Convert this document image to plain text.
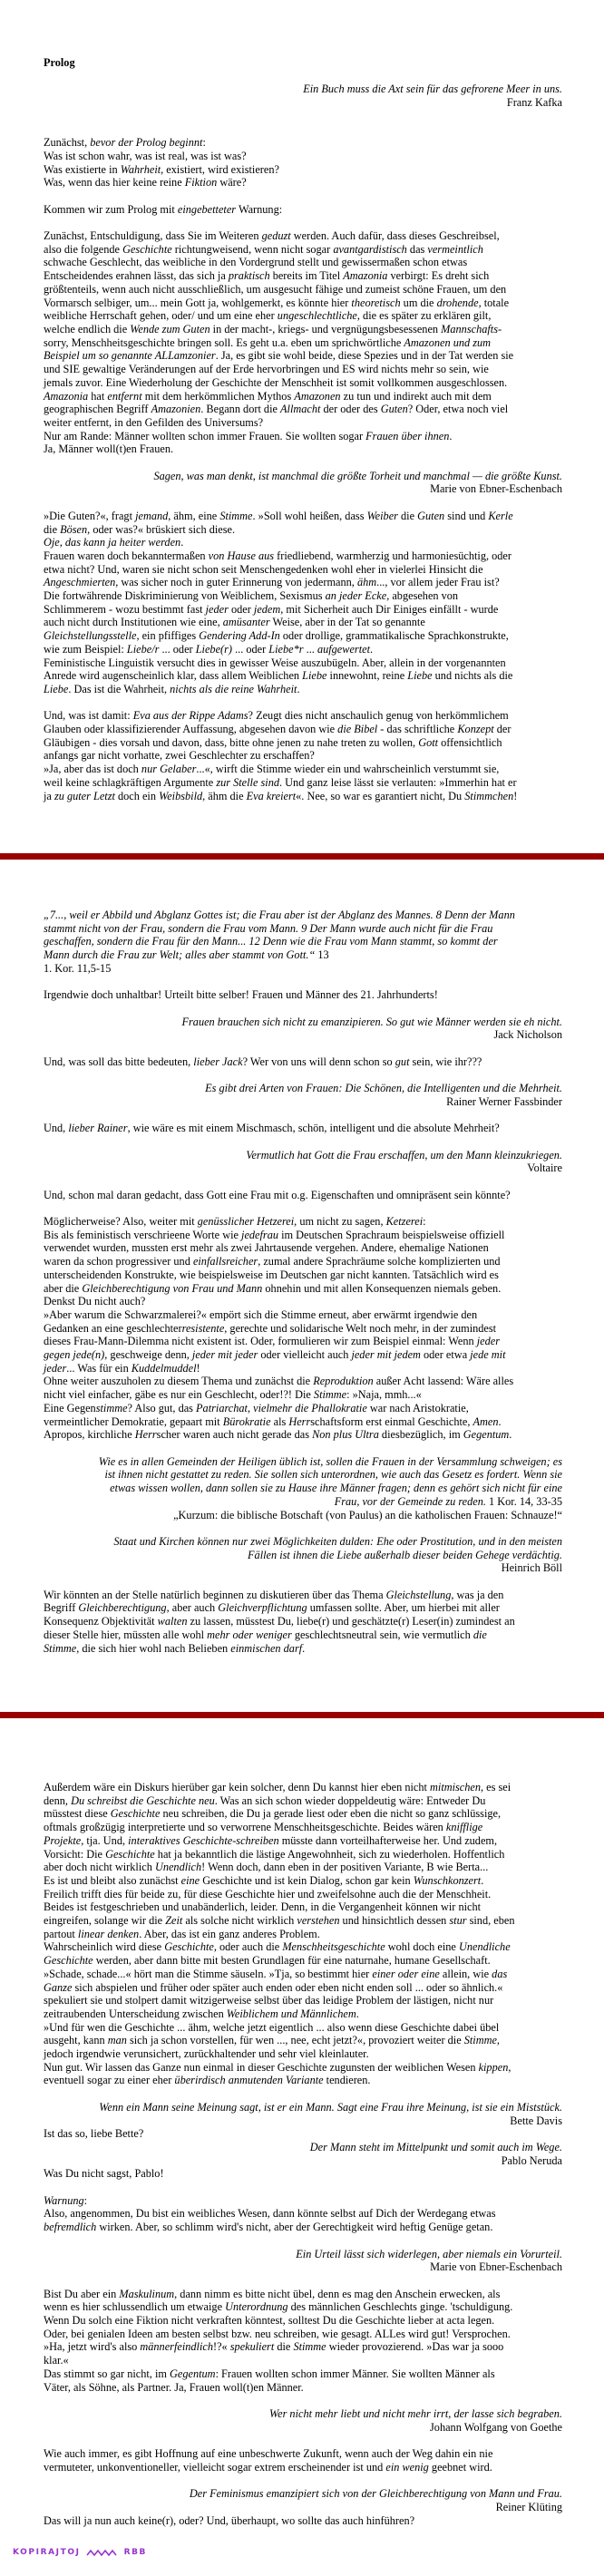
Prolog
Ein Buch muss die Axt sein für das gefrorene Meer in uns.
Franz Kafka
Zunächst, bevor der Prolog beginnt:
Was ist schon wahr, was ist real, was ist was?
Was existierte in Wahrheit, existiert, wird existieren?
Was, wenn das hier keine reine Fiktion wäre?
Kommen wir zum Prolog mit eingebetteter Warnung:
Zunächst, Entschuldigung, dass Sie im Weiteren geduzt werden. Auch dafür, dass dieses Geschreibsel,
also die folgende Geschichte richtungweisend, wenn nicht sogar avantgardistisch das vermeintlich
schwache Geschlecht, das weibliche in den Vordergrund stellt und gewissermaßen schon etwas
Entscheidendes erahnen lässt, das sich ja praktisch bereits im Titel Amazonia verbirgt: Es dreht sich
größtenteils, wenn auch nicht ausschließlich, um ausgesucht fähige und zumeist schöne Frauen, um den
Vormarsch selbiger, um... mein Gott ja, wohlgemerkt, es könnte hier theoretisch um die drohende, totale
weibliche Herrschaft gehen, oder/ und um eine eher ungeschlechtliche, die es später zu erklären gilt,
welche endlich die Wende zum Guten in der macht-, kriegs- und vergnügungsbesessenen Mannschafts-
sorry, Menschheitsgeschichte bringen soll. Es geht u.a. eben um sprichwörtliche Amazonen und zum
Beispiel um so genannte ALLamzonier. Ja, es gibt sie wohl beide, diese Spezies und in der Tat werden sie
und SIE gewaltige Veränderungen auf der Erde hervorbringen und ES wird nichts mehr so sein, wie
jemals zuvor. Eine Wiederholung der Geschichte der Menschheit ist somit vollkommen ausgeschlossen.
Amazonia hat entfernt mit dem herkömmlichen Mythos Amazonen zu tun und indirekt auch mit dem
geographischen Begriff Amazonien. Begann dort die Allmacht der oder des Guten? Oder, etwa noch viel
weiter entfernt, in den Gefilden des Universums?
Nur am Rande: Männer wollten schon immer Frauen. Sie wollten sogar Frauen über ihnen.
Ja, Männer woll(t)en Frauen.
Sagen, was man denkt, ist manchmal die größte Torheit und manchmal — die größte Kunst.
Marie von Ebner-Eschenbach
»Die Guten?«, fragt jemand, ähm, eine Stimme. »Soll wohl heißen, dass Weiber die Guten sind und Kerle
die Bösen, oder was?« brüskiert sich diese.
Oje, das kann ja heiter werden.
Frauen waren doch bekanntermaßen von Hause aus friedliebend, warmherzig und harmoniesüchtig, oder
etwa nicht? Und, waren sie nicht schon seit Menschengedenken wohl eher in vielerlei Hinsicht die
Angeschmierten, was sicher noch in guter Erinnerung von jedermann, ähm..., vor allem jeder Frau ist?
Die fortwährende Diskriminierung von Weiblichem, Sexismus an jeder Ecke, abgesehen von
Schlimmerem - wozu bestimmt fast jeder oder jedem, mit Sicherheit auch Dir Einiges einfällt - wurde
auch nicht durch Institutionen wie eine, amüsanter Weise, aber in der Tat so genannte
Gleichstellungsstelle, ein pfiffiges Gendering Add-In oder drollige, grammatikalische Sprachkonstrukte,
wie zum Beispiel: Liebe/r ... oder Liebe(r) ... oder Liebe*r ... aufgewertet.
Feministische Linguistik versucht dies in gewisser Weise auszubügeln. Aber, allein in der vorgenannten
Anrede wird augenscheinlich klar, dass allem Weiblichen Liebe innewohnt, reine Liebe und nichts als die
Liebe. Das ist die Wahrheit, nichts als die reine Wahrheit.
Und, was ist damit: Eva aus der Rippe Adams? Zeugt dies nicht anschaulich genug von herkömmlichem
Glauben oder klassifizierender Auffassung, abgesehen davon wie die Bibel - das schriftliche Konzept der
Gläubigen - dies vorsah und davon, dass, bitte ohne jenen zu nahe treten zu wollen, Gott offensichtlich
anfangs gar nicht vorhatte, zwei Geschlechter zu erschaffen?
»Ja, aber das ist doch nur Gelaber...«, wirft die Stimme wieder ein und wahrscheinlich verstummt sie,
weil keine schlagkräftigen Argumente zur Stelle sind. Und ganz leise lässt sie verlauten: »Immerhin hat er
ja zu guter Letzt doch ein Weibsbild, ähm die Eva kreiert«. Nee, so war es garantiert nicht, Du Stimmchen!
„7..., weil er Abbild und Abglanz Gottes ist; die Frau aber ist der Abglanz des Mannes. 8 Denn der Mann
stammt nicht von der Frau, sondern die Frau vom Mann. 9 Der Mann wurde auch nicht für die Frau
geschaffen, sondern die Frau für den Mann... 12 Denn wie die Frau vom Mann stammt, so kommt der
Mann durch die Frau zur Welt; alles aber stammt von Gott.“ 13
1. Kor. 11,5-15
Irgendwie doch unhaltbar! Urteilt bitte selber! Frauen und Männer des 21. Jahrhunderts!
Frauen brauchen sich nicht zu emanzipieren. So gut wie Männer werden sie eh nicht.
Jack Nicholson
Und, was soll das bitte bedeuten, lieber Jack? Wer von uns will denn schon so gut sein, wie ihr???
Es gibt drei Arten von Frauen: Die Schönen, die Intelligenten und die Mehrheit.
Rainer Werner Fassbinder
Und, lieber Rainer, wie wäre es mit einem Mischmasch, schön, intelligent und die absolute Mehrheit?
Vermutlich hat Gott die Frau erschaffen, um den Mann kleinzukriegen.
Voltaire
Und, schon mal daran gedacht, dass Gott eine Frau mit o.g. Eigenschaften und omnipräsent sein könnte?
Möglicherweise? Also, weiter mit genüsslicher Hetzerei, um nicht zu sagen, Ketzerei:
Bis als feministisch verschrieene Worte wie jedefrau im Deutschen Sprachraum beispielsweise offiziell
verwendet wurden, mussten erst mehr als zwei Jahrtausende vergehen. Andere, ehemalige Nationen
waren da schon progressiver und einfallsreicher, zumal andere Sprachräume solche komplizierten und
unterscheidenden Konstrukte, wie beispielsweise im Deutschen gar nicht kannten. Tatsächlich wird es
aber die Gleichberechtigung von Frau und Mann ohnehin und mit allen Konsequenzen niemals geben.
Denkst Du nicht auch?
»Aber warum die Schwarzmalerei?« empört sich die Stimme erneut, aber erwärmt irgendwie den
Gedanken an eine geschlechterresistente, gerechte und solidarische Welt noch mehr, in der zumindest
dieses Frau-Mann-Dilemma nicht existent ist. Oder, formulieren wir zum Beispiel einmal: Wenn jeder
gegen jede(n), geschweige denn, jeder mit jeder oder vielleicht auch jeder mit jedem oder etwa jede mit
jeder... Was für ein Kuddelmuddel!
Ohne weiter auszuholen zu diesem Thema und zunächst die Reproduktion außer Acht lassend: Wäre alles
nicht viel einfacher, gäbe es nur ein Geschlecht, oder!?! Die Stimme: »Naja, mmh...«
Eine Gegenstimme? Also gut, das Patriarchat, vielmehr die Phallokratie war nach Aristokratie,
vermeintlicher Demokratie, gepaart mit Bürokratie als Herrschaftsform erst einmal Geschichte, Amen.
Apropos, kirchliche Herrscher waren auch nicht gerade das Non plus Ultra diesbezüglich, im Gegentum.
Wie es in allen Gemeinden der Heiligen üblich ist, sollen die Frauen in der Versammlung schweigen; es
ist ihnen nicht gestattet zu reden. Sie sollen sich unterordnen, wie auch das Gesetz es fordert. Wenn sie
etwas wissen wollen, dann sollen sie zu Hause ihre Männer fragen; denn es gehört sich nicht für eine
Frau, vor der Gemeinde zu reden. 1 Kor. 14, 33-35
„Kurzum: die biblische Botschaft (von Paulus) an die katholischen Frauen: Schnauze!“
Staat und Kirchen können nur zwei Möglichkeiten dulden: Ehe oder Prostitution, und in den meisten
Fällen ist ihnen die Liebe außerhalb dieser beiden Gehege verdächtig.
Heinrich Böll
Wir könnten an der Stelle natürlich beginnen zu diskutieren über das Thema Gleichstellung, was ja den
Begriff Gleichberechtigung, aber auch Gleichverpflichtung umfassen sollte. Aber, um hierbei mit aller
Konsequenz Objektivität walten zu lassen, müsstest Du, liebe(r) und geschätzte(r) Leser(in) zumindest an
dieser Stelle hier, müssten alle wohl mehr oder weniger geschlechtsneutral sein, wie vermutlich die
Stimme, die sich hier wohl nach Belieben einmischen darf.
Außerdem wäre ein Diskurs hierüber gar kein solcher, denn Du kannst hier eben nicht mitmischen, es sei
denn, Du schreibst die Geschichte neu. Was an sich schon wieder doppeldeutig wäre: Entweder Du
müsstest diese Geschichte neu schreiben, die Du ja gerade liest oder eben die nicht so ganz schlüssige,
oftmals großzügig interpretierte und so verworrene Menschheitsgeschichte. Beides wären knifflige
Projekte, tja. Und, interaktives Geschichte-schreiben müsste dann vorteilhafterweise her. Und zudem,
Vorsicht: Die Geschichte hat ja bekanntlich die lästige Angewohnheit, sich zu wiederholen. Hoffentlich
aber doch nicht wirklich Unendlich! Wenn doch, dann eben in der positiven Variante, B wie Berta...
Es ist und bleibt also zunächst eine Geschichte und ist kein Dialog, schon gar kein Wunschkonzert.
Freilich trifft dies für beide zu, für diese Geschichte hier und zweifelsohne auch die der Menschheit.
Beides ist festgeschrieben und unabänderlich, leider. Denn, in die Vergangenheit können wir nicht
eingreifen, solange wir die Zeit als solche nicht wirklich verstehen und hinsichtlich dessen stur sind, eben
partout linear denken. Aber, das ist ein ganz anderes Problem.
Wahrscheinlich wird diese Geschichte, oder auch die Menschheitsgeschichte wohl doch eine Unendliche
Geschichte werden, aber dann bitte mit besten Grundlagen für eine naturnahe, humane Gesellschaft.
»Schade, schade...« hört man die Stimme säuseln. »Tja, so bestimmt hier einer oder eine allein, wie das
Ganze sich abspielen und früher oder später auch enden oder eben nicht enden soll ... oder so ähnlich.«
spekuliert sie und stolpert damit witzigerweise selbst über das leidige Problem der lästigen, nicht nur
zeitraubenden Unterscheidung zwischen Weiblichem und Männlichem.
»Und für wen die Geschichte ... ähm, welche jetzt eigentlich ... also wenn diese Geschichte dabei übel
ausgeht, kann man sich ja schon vorstellen, für wen ..., nee, echt jetzt?«, provoziert weiter die Stimme,
jedoch irgendwie verunsichert, zurückhaltender und sehr viel kleinlauter.
Nun gut. Wir lassen das Ganze nun einmal in dieser Geschichte zugunsten der weiblichen Wesen kippen,
eventuell sogar zu einer eher überirdisch anmutenden Variante tendieren.
Wenn ein Mann seine Meinung sagt, ist er ein Mann. Sagt eine Frau ihre Meinung, ist sie ein Miststück.
Bette Davis
Ist das so, liebe Bette?
Der Mann steht im Mittelpunkt und somit auch im Wege.
Pablo Neruda
Was Du nicht sagst, Pablo!
Warnung:
Also, angenommen, Du bist ein weibliches Wesen, dann könnte selbst auf Dich der Werdegang etwas
befremdlich wirken. Aber, so schlimm wird's nicht, aber der Gerechtigkeit wird heftig Genüge getan.
Ein Urteil lässt sich widerlegen, aber niemals ein Vorurteil.
Marie von Ebner-Eschenbach
Bist Du aber ein Maskulinum, dann nimm es bitte nicht übel, denn es mag den Anschein erwecken, als
wenn es hier schlussendlich um etwaige Unterordnung des männlichen Geschlechts ginge. 'tschuldigung.
Wenn Du solch eine Fiktion nicht verkraften könntest, solltest Du die Geschichte lieber at acta legen.
Oder, bei genialen Ideen am besten selbst bzw. neu schreiben, wie gesagt. ALLes wird gut! Versprochen.
»Ha, jetzt wird's also männerfeindlich!?« spekuliert die Stimme wieder provozierend. »Das war ja sooo
klar.«
Das stimmt so gar nicht, im Gegentum: Frauen wollten schon immer Männer. Sie wollten Männer als
Väter, als Söhne, als Partner. Ja, Frauen woll(t)en Männer.
Wer nicht mehr liebt und nicht mehr irrt, der lasse sich begraben.
Johann Wolfgang von Goethe
Wie auch immer, es gibt Hoffnung auf eine unbeschwerte Zukunft, wenn auch der Weg dahin ein nie
vermuteter, unkonventioneller, vielleicht sogar extrem erscheinender ist und ein wenig geebnet wird.
Der Feminismus emanzipiert sich von der Gleichberechtigung von Mann und Frau.
Reiner Klüting
Das will ja nun auch keine(r), oder? Und, überhaupt, wo sollte das auch hinführen?
KOPIRAJTOJ	RBB
